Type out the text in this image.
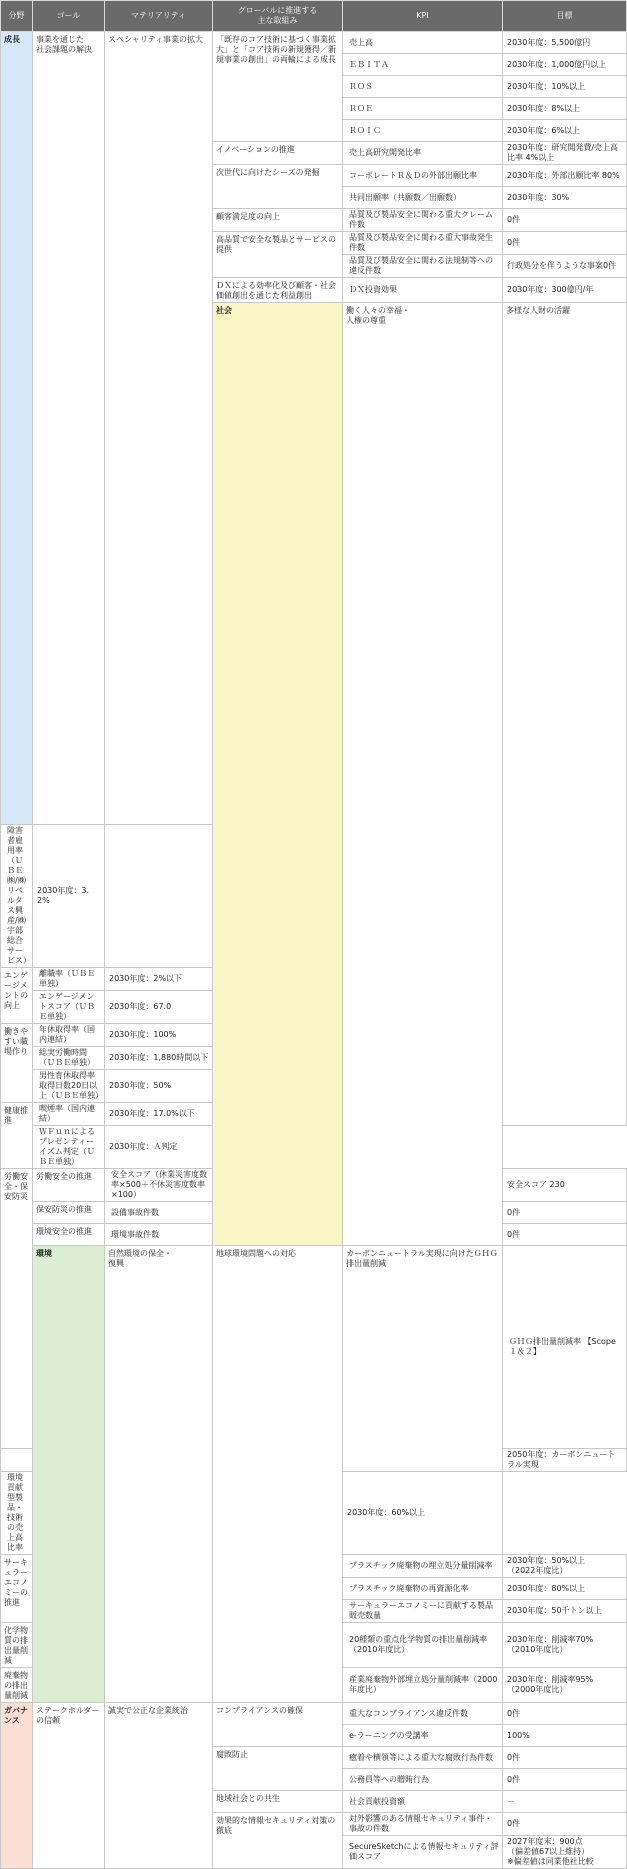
分野	ゴール	マテリアリティ	グローバルに推進する
主な取組み	KPI	目標	
成長	事業を通じた
社会課題の解決	スペシャリティ事業の拡大	「既存のコア技術に基づく事業拡大」と「コア技術の新規獲得／新規事業の創出」の両輪による成長	売上高	2030年度：5,500億円	
				ＥＢＩＴＡ	2030年度：1,000億円以上	
				ＲＯＳ	2030年度：10%以上	
				ＲＯＥ	2030年度：8%以上	
				ＲＯＩＣ	2030年度：6%以上	
			イノベーションの推進	売上高研究開発比率	2030年度：研究開発費/売上高比率 4%以上	
			次世代に向けたシーズの発掘	コーポレートＲ＆Ｄの外部出願比率	2030年度：外部出願比率 80%	
				共同出願率（共願数／出願数）	2030年度：30%	
			顧客満足度の向上	品質及び製品安全に関わる重大クレーム件数	0件	
			高品質で安全な製品とサービスの提供	品質及び製品安全に関わる重大事故発生件数	0件	
				品質及び製品安全に関わる法規制等への違反件数	行政処分を伴うような事案0件	
			ＤＸによる効率化及び顧客・社会価値創出を通じた利益創出	ＤＸ投資効果	2030年度：300億円/年	
			社会	働く人々の幸福・
人権の尊重	多様な人財の活躍			

障害者雇用率（ＵＢＥ㈱/㈱リベルタス興産/㈱宇部総合サービス）	2030年度：3.2%					
エンゲージメントの向上	離職率（ＵＢＥ単独）	2030年度：2%以下				
	エンゲージメントスコア（ＵＢＥ単独）	2030年度：67.0				
働きやすい職場作り	年休取得率（国内連結）	2030年度：100%				
	総実労働時間（ＵＢＥ単独）	2030年度：1,880時間以下				
	男性育休取得率 取得日数20日以上（ＵＢＥ単独）	2030年度：50%				
健康推進	喫煙率（国内連結）	2030年度：17.0%以下				
	ＷＦｕｎによるプレゼンティーイズム判定（ＵＢＥ単独）	2030年度：Ａ判定				
労働安全・保安防災	労働安全の推進	安全スコア（休業災害度数率×500＋不休災害度数率×100）			安全スコア 230	
	保安防災の推進	設備事故件数			0件	
	環境安全の推進	環境事故件数			0件	
	環境	自然環境の保全・
復興	地球環境問題への対応	カーボンニュートラル実現に向けたＧＨＧ排出量削減	ＧＨＧ排出量削減率 【Scope１＆２】	
					2050年度：カーボンニュートラル実現	
環境貢献型製品・技術の売上高比率				2030年度：60%以上		
サーキュラーエコノミーの推進				プラスチック廃棄物の埋立処分量削減率	2030年度：50%以上
（2022年度比）	
				プラスチック廃棄物の再資源化率	2030年度：80%以上	
				サーキュラーエコノミーに貢献する製品販売数量	2030年度：50千トン以上	
化学物質の排出量削減				20種類の重点化学物質の排出量削減率（2010年度比）	2030年度：削減率70%
（2010年度比）	
廃棄物の排出量削減				産業廃棄物外部埋立処分量削減率（2000年度比）	2030年度：削減率95%
（2000年度比）	
ガバナンス	ステークホルダーの信頼	誠実で公正な企業統治	コンプライアンスの確保	重大なコンプライアンス違反件数	0件	
				e-ラーニングの受講率	100%	
			腐敗防止	癒着や横領等による重大な腐敗行為件数	0件	
				公務員等への贈賄行為	0件	
			地域社会との共生	社会貢献投資額	－	
			効果的な情報セキュリティ対策の徹底	対外影響のある情報セキュリティ事件・事故の件数	0件	
				SecureSketchによる情報セキュリティ評価スコア	2027年度末：900点
（偏差値67以上維持）
※偏差値は同業他社比較	
